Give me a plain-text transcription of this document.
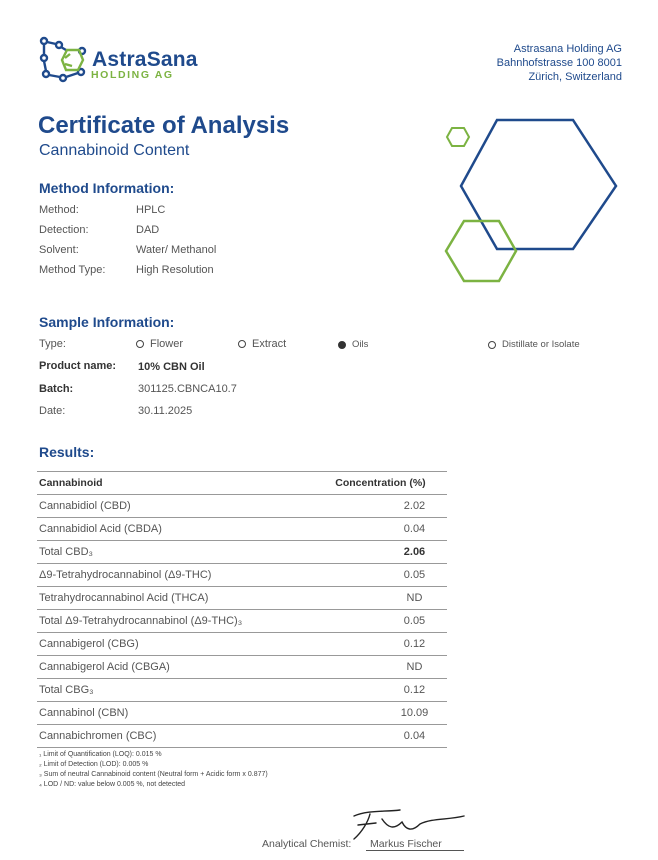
AstraSana
HOLDING AG
Astrasana Holding AG
Bahnhofstrasse 100 8001
Zürich, Switzerland
Certificate of Analysis
Cannabinoid Content
Method Information:
Method:	HPLC
Detection:	DAD
Solvent:	Water/ Methanol
Method Type:	High Resolution
Sample Information:
Type:	Flower	Extract	Oils	Distillate or Isolate
Product name: 10% CBN Oil
Batch:	301125.CBNCA10.7
Date:	30.11.2025
Results:
Cannabinoid	Concentration (%)
Cannabidiol (CBD)	2.02
Cannabidiol Acid (CBDA)	0.04
Total CBD₃	2.06
Δ9-Tetrahydrocannabinol (Δ9-THC)	0.05
Tetrahydrocannabinol Acid (THCA)	ND
Total Δ9-Tetrahydrocannabinol (Δ9-THC)₃	0.05
Cannabigerol (CBG)	0.12
Cannabigerol Acid (CBGA)	ND
Total CBG₃	0.12
Cannabinol (CBN)	10.09
Cannabichromen (CBC)	0.04
₁ Limit of Quantification (LOQ): 0.015 %
₂ Limit of Detection (LOD): 0.005 %
₃ Sum of neutral Cannabinoid content (Neutral form + Acidic form x 0.877)
₄ LOD / ND: value below 0.005 %, not detected
Analytical Chemist: Markus Fischer
